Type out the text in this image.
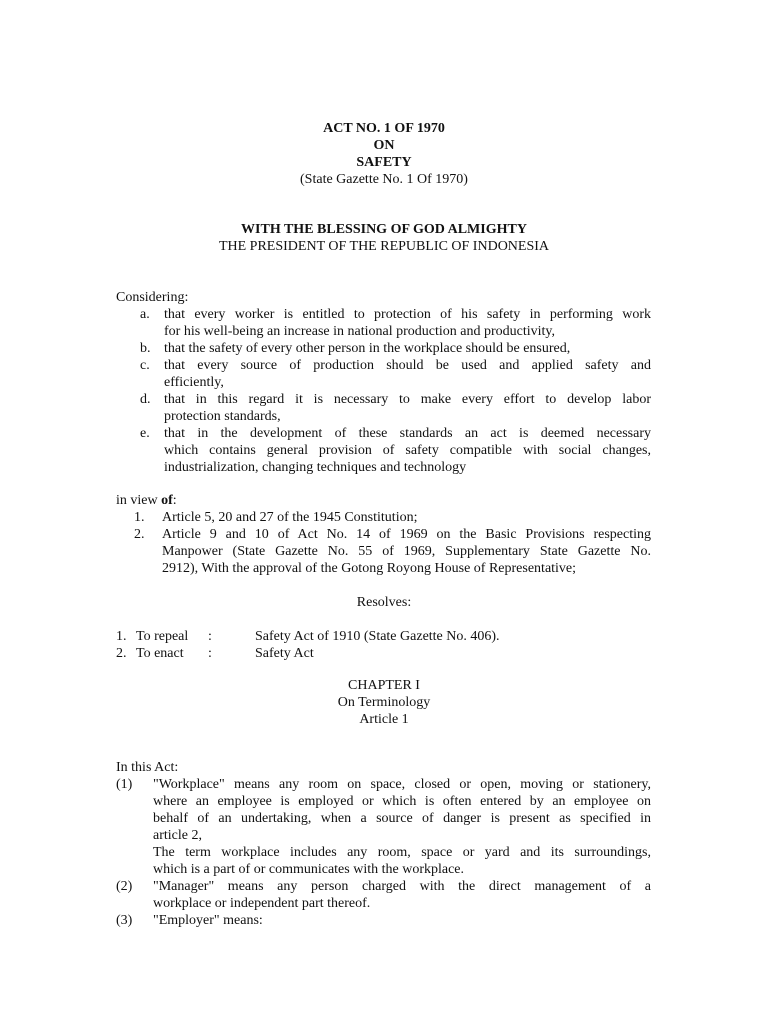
ACT NO. 1 OF 1970
ON
SAFETY
(State Gazette No. 1 Of 1970)
WITH THE BLESSING OF GOD ALMIGHTY
THE PRESIDENT OF THE REPUBLIC OF INDONESIA
Considering:
a. that every worker is entitled to protection of his safety in performing work
for his well-being an increase in national production and productivity,
b. that the safety of every other person in the workplace should be ensured,
c. that every source of production should be used and applied safety and
efficiently,
d. that in this regard it is necessary to make every effort to develop labor
protection standards,
e. that in the development of these standards an act is deemed necessary
which contains general provision of safety compatible with social changes,
industrialization, changing techniques and technology
in view of:
1. Article 5, 20 and 27 of the 1945 Constitution;
2. Article 9 and 10 of Act No. 14 of 1969 on the Basic Provisions respecting
Manpower (State Gazette No. 55 of 1969, Supplementary State Gazette No.
2912), With the approval of the Gotong Royong House of Representative;
Resolves:
1. To repeal :	Safety Act of 1910 (State Gazette No. 406).
2. To enact :	Safety Act
CHAPTER I
On Terminology
Article 1
In this Act:
(1) "Workplace" means any room on space, closed or open, moving or stationery,
where an employee is employed or which is often entered by an employee on
behalf of an undertaking, when a source of danger is present as specified in
article 2,
The term workplace includes any room, space or yard and its surroundings,
which is a part of or communicates with the workplace.
(2) "Manager" means any person charged with the direct management of a
workplace or independent part thereof.
(3) "Employer" means:
